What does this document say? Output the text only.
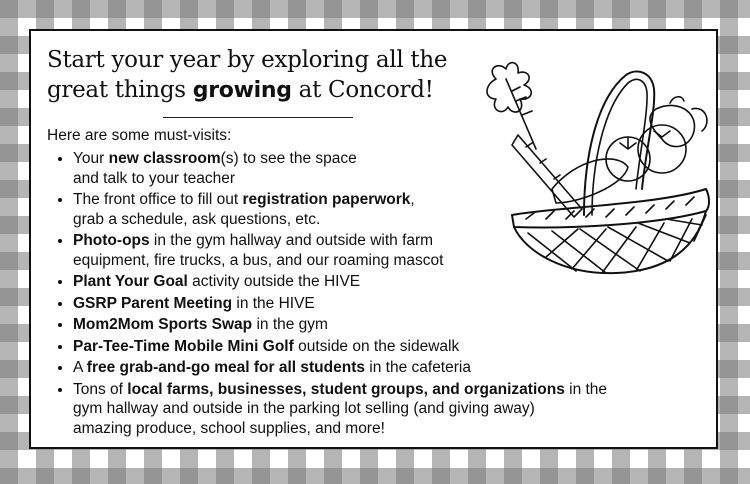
Start your year by exploring all the
great things growing at Concord!
Here are some must-visits:
• Your new classroom(s) to see the space
and talk to your teacher
• The front office to fill out registration paperwork,
grab a schedule, ask questions, etc.
• Photo-ops in the gym hallway and outside with farm
equipment, fire trucks, a bus, and our roaming mascot
• Plant Your Goal activity outside the HIVE
• GSRP Parent Meeting in the HIVE
• Mom2Mom Sports Swap in the gym
• Par-Tee-Time Mobile Mini Golf outside on the sidewalk
• A free grab-and-go meal for all students in the cafeteria
• Tons of local farms, businesses, student groups, and organizations in the
gym hallway and outside in the parking lot selling (and giving away)
amazing produce, school supplies, and more!
